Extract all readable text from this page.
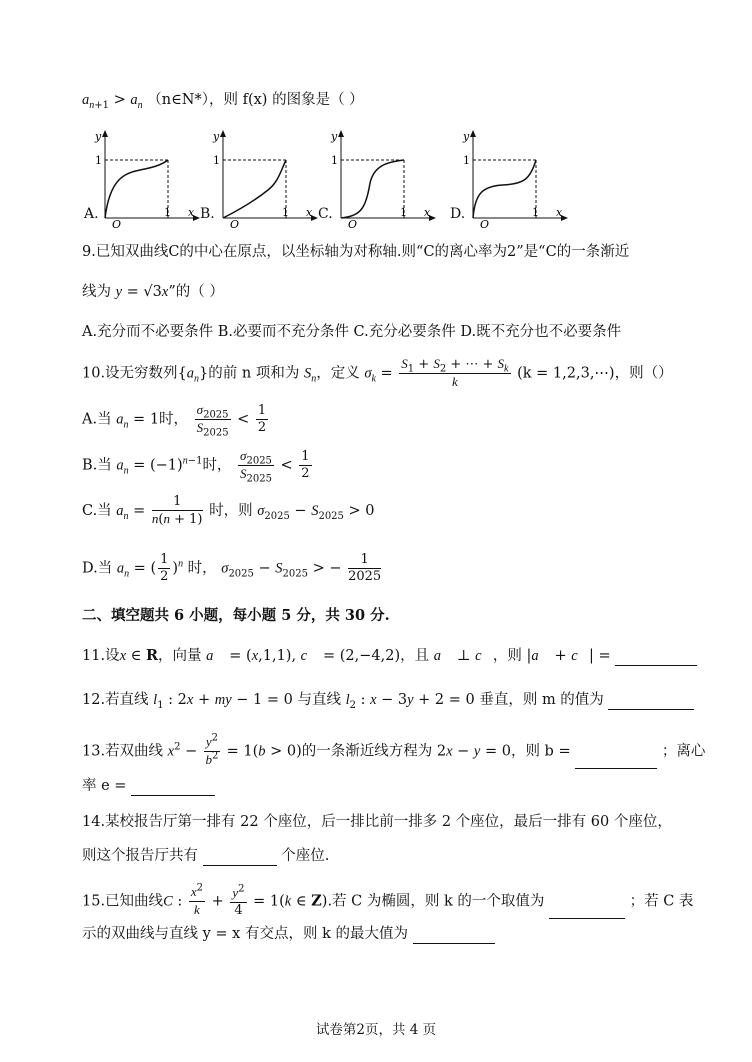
$a_{n+1} > a_n$ （n∈N*），则 f(x) 的图象是（ ）
y
1
1 x
O
y
1
1 x
O
y
1
1 x
O
y
1
1 x
O
A.	B.	C.	D.
9.已知双曲线C的中心在原点，以坐标轴为对称轴.则“C的离心率为2”是“C的一条渐近
线为 y = √3x”的（ ）
A.充分而不必要条件 B.必要而不充分条件 C.充分必要条件 D.既不充分也不必要条件
10.设无穷数列$\{a_n\}$的前 n 项和为 $S_n$，定义 $\sigma_k = \frac{S_1 + S_2 + \cdots + S_k}{k} (k$ = 1,2,3,⋯)，则（）
A.当 $a_n = 1$时， $\frac{\sigma_{2025}}{S_{2025}} < \frac{1}{2}$
B.当 $a_n = (-1)^{n-1}$时， $\frac{\sigma_{2025}}{S_{2025}} < \frac{1}{2}$
C.当 $a_n = \frac{1}{n(n + 1)}$ 时，则 $\sigma_{2025} - S_{2025} > 0$
D.当 $a_n$ = ( $\frac{1}{2} )^n$ 时， $\sigma_{2025} - S_{2025}$ > − $\frac{1}{2025}$
二、填空题共 6 小题，每小题 5 分，共 30 分.
11.设x ∈ R，向量 a⃗ = (x,1,1), c⃗ = (2,−4,2)，且 a⃗ ⊥ c⃗，则 |a⃗ + c⃗| =
12.若直线 $l_1$ : 2x + my − 1 = 0 与直线 $l_2$ : x − 3y + 2 = 0 垂直，则 m 的值为
13.若双曲线 $x^2 - \frac{y^2}{b^2} = 1(b > 0)$的一条渐近线方程为 2x − y = 0，则 b =	；离心
率 e =
14.某校报告厅第一排有 22 个座位，后一排比前一排多 2 个座位，最后一排有 60 个座位，
则这个报告厅共有	个座位.
15.已知曲线C : $\frac{x^2}{k} + \frac{y^2}{4} = 1(k$ ∈ Z).若 C 为椭圆，则 k 的一个取值为	；若 C 表
示的双曲线与直线 y = x 有交点，则 k 的最大值为
试卷第2页，共 4 页
